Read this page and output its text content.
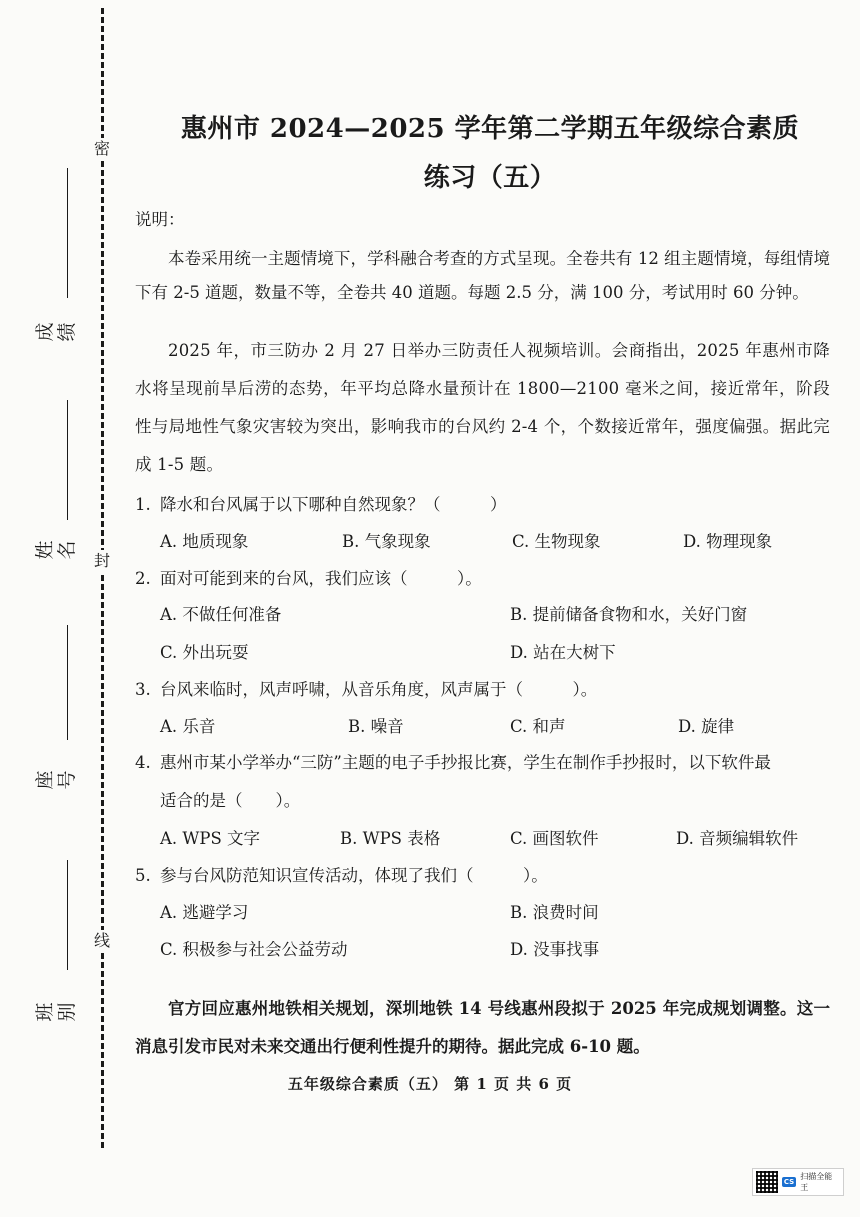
密
封
线
成绩
姓名
座号
班别
惠州市 2024—2025 学年第二学期五年级综合素质
练习（五）
说明：
本卷采用统一主题情境下，学科融合考查的方式呈现。全卷共有 12 组主题情境，每组情境下有 2-5 道题，数量不等，全卷共 40 道题。每题 2.5 分，满 100 分，考试用时 60 分钟。
2025 年，市三防办 2 月 27 日举办三防责任人视频培训。会商指出，2025 年惠州市降水将呈现前旱后涝的态势，年平均总降水量预计在 1800—2100 毫米之间，接近常年，阶段性与局地性气象灾害较为突出，影响我市的台风约 2-4 个，个数接近常年，强度偏强。据此完成 1-5 题。
1. 降水和台风属于以下哪种自然现象？（　　　）
A. 地质现象	B. 气象现象	C. 生物现象	D. 物理现象
2. 面对可能到来的台风，我们应该（　　　）。
A. 不做任何准备	B. 提前储备食物和水，关好门窗
C. 外出玩耍	D. 站在大树下
3. 台风来临时，风声呼啸，从音乐角度，风声属于（　　　）。
A. 乐音	B. 噪音	C. 和声	D. 旋律
4. 惠州市某小学举办“三防”主题的电子手抄报比赛，学生在制作手抄报时，以下软件最
适合的是（　　）。
A. WPS 文字	B. WPS 表格	C. 画图软件	D. 音频编辑软件
5. 参与台风防范知识宣传活动，体现了我们（　　　）。
A. 逃避学习	B. 浪费时间
C. 积极参与社会公益劳动	D. 没事找事
官方回应惠州地铁相关规划，深圳地铁 14 号线惠州段拟于 2025 年完成规划调整。这一消息引发市民对未来交通出行便利性提升的期待。据此完成 6-10 题。
五年级综合素质（五） 第 1 页 共 6 页
CS
扫描全能王
